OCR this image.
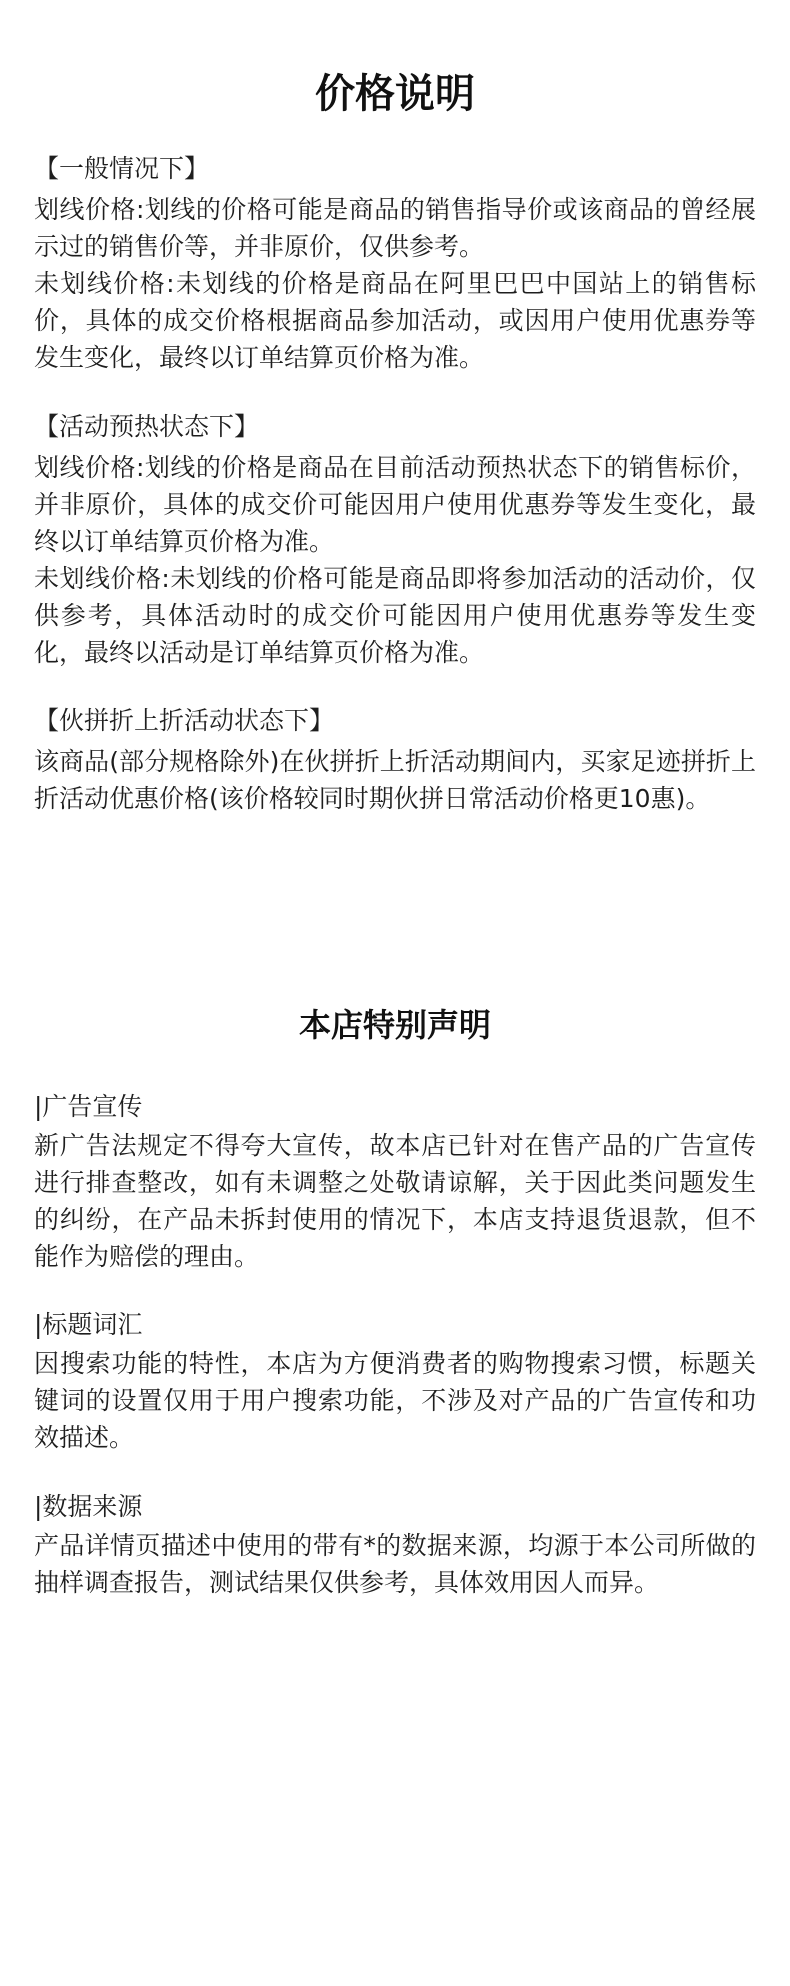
价格说明

【一般情况下】

划线价格:划线的价格可能是商品的销售指导价或该商品的曾经展示过的销售价等，并非原价，仅供参考。

未划线价格:未划线的价格是商品在阿里巴巴中国站上的销售标价，具体的成交价格根据商品参加活动，或因用户使用优惠券等发生变化，最终以订单结算页价格为准。

【活动预热状态下】

划线价格:划线的价格是商品在目前活动预热状态下的销售标价，并非原价，具体的成交价可能因用户使用优惠券等发生变化，最终以订单结算页价格为准。

未划线价格:未划线的价格可能是商品即将参加活动的活动价，仅供参考，具体活动时的成交价可能因用户使用优惠券等发生变化，最终以活动是订单结算页价格为准。

【伙拼折上折活动状态下】

该商品(部分规格除外)在伙拼折上折活动期间内，买家足迹拼折上折活动优惠价格(该价格较同时期伙拼日常活动价格更10惠)。

本店特别声明

|广告宣传

新广告法规定不得夸大宣传，故本店已针对在售产品的广告宣传进行排查整改，如有未调整之处敬请谅解，关于因此类问题发生的纠纷，在产品未拆封使用的情况下，本店支持退货退款，但不能作为赔偿的理由。

|标题词汇

因搜索功能的特性，本店为方便消费者的购物搜索习惯，标题关键词的设置仅用于用户搜索功能，不涉及对产品的广告宣传和功效描述。

|数据来源

产品详情页描述中使用的带有*的数据来源，均源于本公司所做的抽样调查报告，测试结果仅供参考，具体效用因人而异。
